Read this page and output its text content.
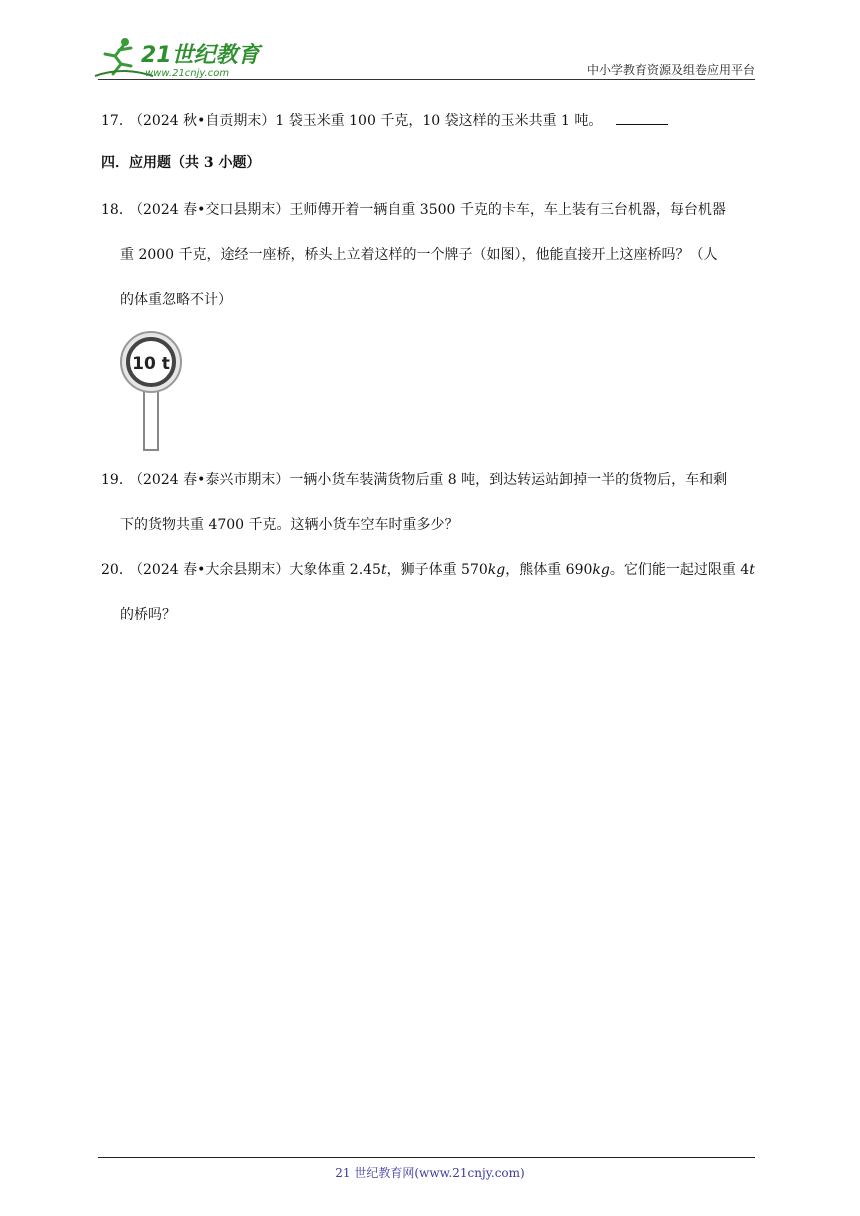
21世纪教育
www.21cnjy.com	中小学教育资源及组卷应用平台
17．（2024 秋•自贡期末）1 袋玉米重 100 千克，10 袋这样的玉米共重 1 吨。
四．应用题（共 3 小题）
18．（2024 春•交口县期末）王师傅开着一辆自重 3500 千克的卡车，车上装有三台机器，每台机器
重 2000 千克，途经一座桥，桥头上立着这样的一个牌子（如图），他能直接开上这座桥吗？（人
的体重忽略不计）
10 t
19．（2024 春•泰兴市期末）一辆小货车装满货物后重 8 吨，到达转运站卸掉一半的货物后，车和剩
下的货物共重 4700 千克。这辆小货车空车时重多少？
20．（2024 春•大余县期末）大象体重 2.45t，狮子体重 570kg，熊体重 690kg。它们能一起过限重 4t
的桥吗？
21 世纪教育网(www.21cnjy.com)
